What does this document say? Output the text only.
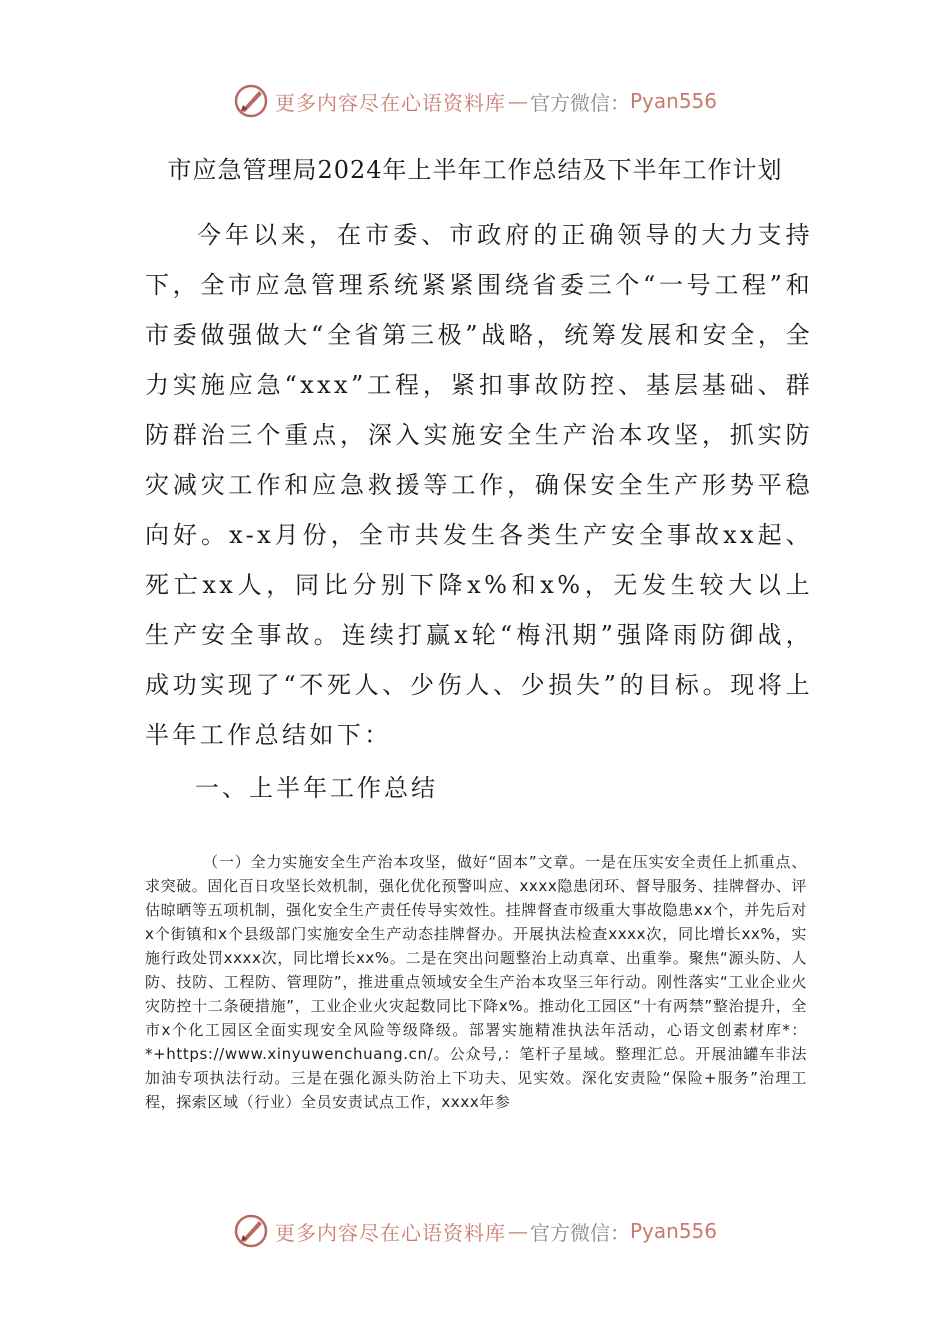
更多内容尽在心语资料库 — 官方微信： Pyan556
市应急管理局2024年上半年工作总结及下半年工作计划

今年以来，在市委、市政府的正确领导的大力支持下，全市应急管理系统紧紧围绕省委三个“一号工程”和市委做强做大“全省第三极”战略，统筹发展和安全，全力实施应急“xxx”工程，紧扣事故防控、基层基础、群防群治三个重点，深入实施安全生产治本攻坚，抓实防灾减灾工作和应急救援等工作，确保安全生产形势平稳向好。x-x月份，全市共发生各类生产安全事故xx起、死亡xx人，同比分别下降x%和x%，无发生较大以上生产安全事故。连续打赢x轮“梅汛期”强降雨防御战，成功实现了“不死人、少伤人、少损失”的目标。现将上半年工作总结如下：

一、上半年工作总结

（一）全力实施安全生产治本攻坚，做好“固本”文章。一是在压实安全责任上抓重点、求突破。固化百日攻坚长效机制，强化优化预警叫应、xxxx隐患闭环、督导服务、挂牌督办、评估晾晒等五项机制，强化安全生产责任传导实效性。挂牌督查市级重大事故隐患xx个，并先后对x个街镇和x个县级部门实施安全生产动态挂牌督办。开展执法检查xxxx次，同比增长xx%，实施行政处罚xxxx次，同比增长xx%。二是在突出问题整治上动真章、出重拳。聚焦“源头防、人防、技防、工程防、管理防”，推进重点领域安全生产治本攻坚三年行动。刚性落实“工业企业火灾防控十二条硬措施”，工业企业火灾起数同比下降x%。推动化工园区“十有两禁”整治提升，全市x个化工园区全面实现安全风险等级降级。部署实施精准执法年活动，心语文创素材库*：*+https://www.xinyuwenchuang.cn/。公众号,：笔杆子星域。整理汇总。开展油罐车非法加油专项执法行动。三是在强化源头防治上下功夫、见实效。深化安责险“保险+服务”治理工程，探索区域（行业）全员安责试点工作，xxxx年参

更多内容尽在心语资料库 — 官方微信： Pyan556
